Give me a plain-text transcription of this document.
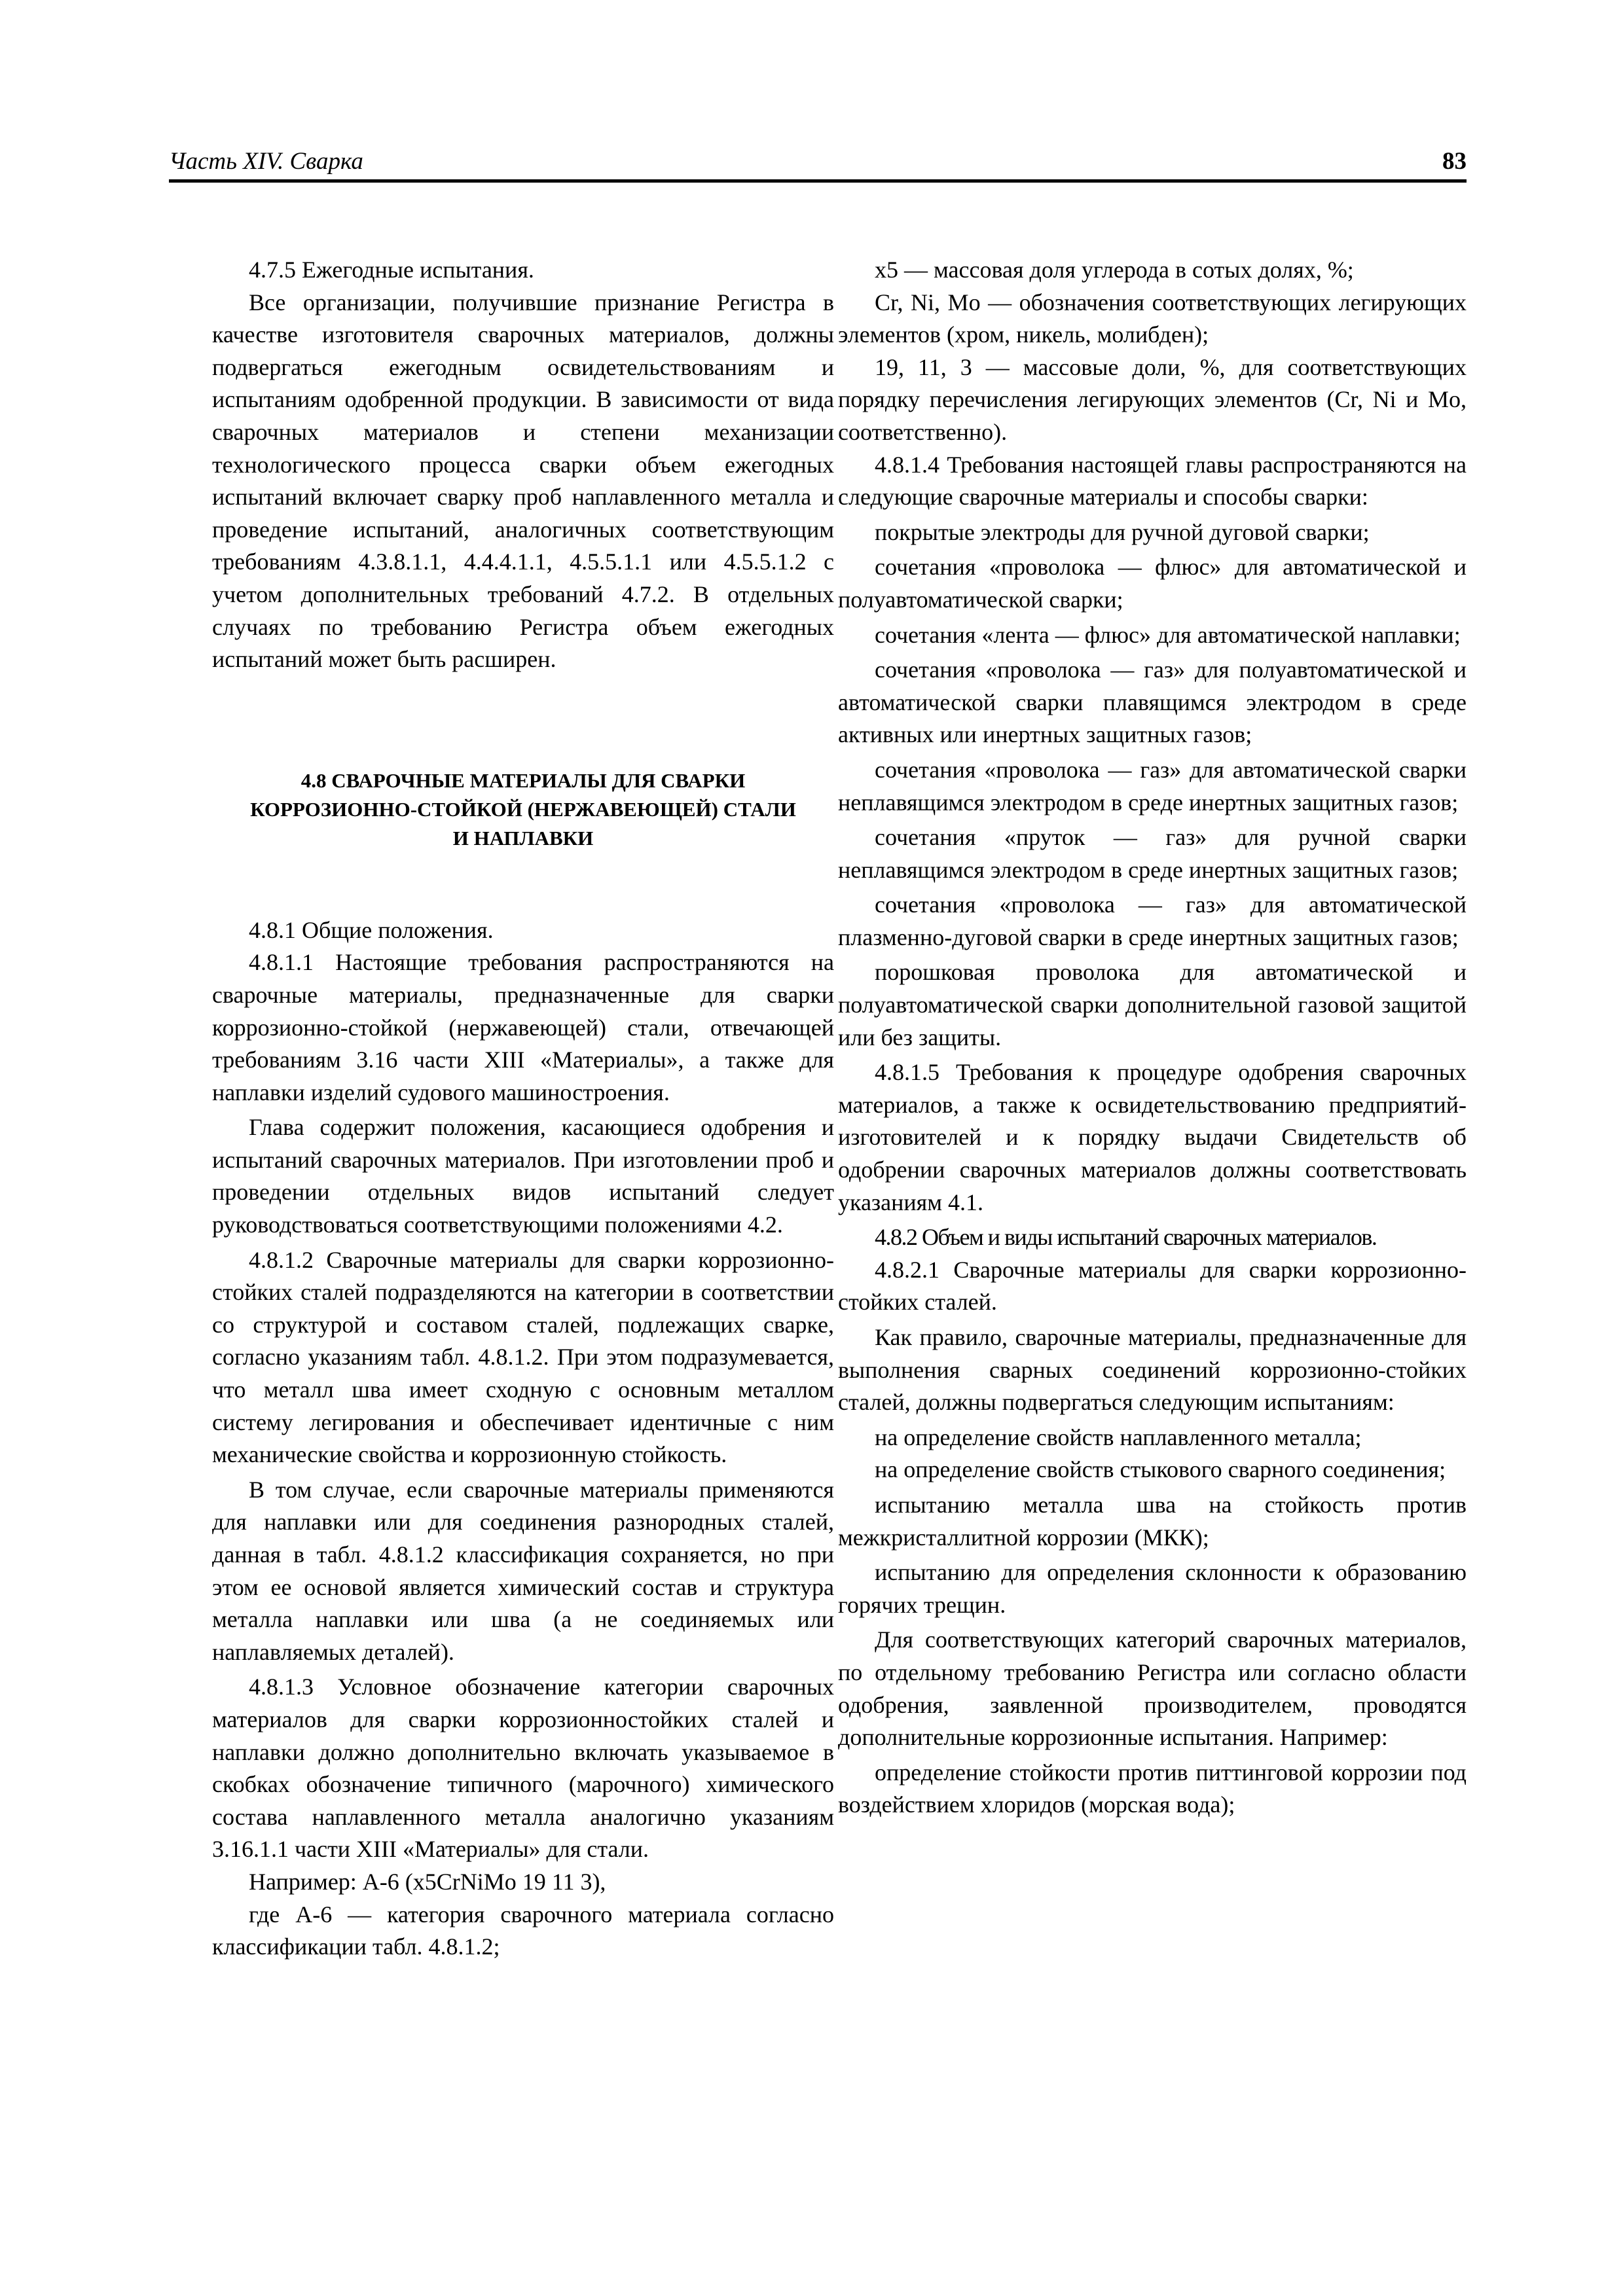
Часть XIV. Сварка	83

4.7.5 Ежегодные испытания.

Все организации, получившие признание Регистра в качестве изготовителя сварочных материалов, должны подвергаться ежегодным освидетельствованиям и испытаниям одобренной продукции. В зависимости от вида сварочных материалов и степени механизации технологического процесса сварки объем ежегодных испытаний включает сварку проб наплавленного металла и проведение испытаний, аналогичных соответствующим требованиям 4.3.8.1.1, 4.4.4.1.1, 4.5.5.1.1 или 4.5.5.1.2 с учетом дополнительных требований 4.7.2. В отдельных случаях по требованию Регистра объем ежегодных испытаний может быть расширен.

4.8 СВАРОЧНЫЕ МАТЕРИАЛЫ ДЛЯ СВАРКИ
КОРРОЗИОННО-СТОЙКОЙ (НЕРЖАВЕЮЩЕЙ) СТАЛИ
И НАПЛАВКИ

4.8.1 Общие положения.

4.8.1.1 Настоящие требования распространяются на сварочные материалы, предназначенные для сварки коррозионно-стойкой (нержавеющей) стали, отвечающей требованиям 3.16 части XIII «Материалы», а также для наплавки изделий судового машиностроения.

Глава содержит положения, касающиеся одобрения и испытаний сварочных материалов. При изготовлении проб и проведении отдельных видов испытаний следует руководствоваться соответствующими положениями 4.2.

4.8.1.2 Сварочные материалы для сварки коррозионно-стойких сталей подразделяются на категории в соответствии со структурой и составом сталей, подлежащих сварке, согласно указаниям табл. 4.8.1.2. При этом подразумевается, что металл шва имеет сходную с основным металлом систему легирования и обеспечивает идентичные с ним механические свойства и коррозионную стойкость.

В том случае, если сварочные материалы применяются для наплавки или для соединения разнородных сталей, данная в табл. 4.8.1.2 классификация сохраняется, но при этом ее основой является химический состав и структура металла наплавки или шва (а не соединяемых или наплавляемых деталей).

4.8.1.3 Условное обозначение категории сварочных материалов для сварки коррозионностойких сталей и наплавки должно дополнительно включать указываемое в скобках обозначение типичного (марочного) химического состава наплавленного металла аналогично указаниям 3.16.1.1 части XIII «Материалы» для стали.

Например: А-6 (x5CrNiMo 19 11 3),

где А-6 — категория сварочного материала согласно классификации табл. 4.8.1.2;

x5 — массовая доля углерода в сотых долях, %;

Cr, Ni, Mo — обозначения соответствующих легирующих элементов (хром, никель, молибден);

19, 11, 3 — массовые доли, %, для соответствующих порядку перечисления легирующих элементов (Cr, Ni и Mo, соответственно).

4.8.1.4 Требования настоящей главы распространяются на следующие сварочные материалы и способы сварки:

покрытые электроды для ручной дуговой сварки;

сочетания «проволока — флюс» для автоматической и полуавтоматической сварки;

сочетания «лента — флюс» для автоматической наплавки;

сочетания «проволока — газ» для полуавтоматической и автоматической сварки плавящимся электродом в среде активных или инертных защитных газов;

сочетания «проволока — газ» для автоматической сварки неплавящимся электродом в среде инертных защитных газов;

сочетания «пруток — газ» для ручной сварки неплавящимся электродом в среде инертных защитных газов;

сочетания «проволока — газ» для автоматической плазменно-дуговой сварки в среде инертных защитных газов;

порошковая проволока для автоматической и полуавтоматической сварки дополнительной газовой защитой или без защиты.

4.8.1.5 Требования к процедуре одобрения сварочных материалов, а также к освидетельствованию предприятий-изготовителей и к порядку выдачи Свидетельств об одобрении сварочных материалов должны соответствовать указаниям 4.1.

4.8.2 Объем и виды испытаний сварочных материалов.

4.8.2.1 Сварочные материалы для сварки коррозионно-стойких сталей.

Как правило, сварочные материалы, предназначенные для выполнения сварных соединений коррозионно-стойких сталей, должны подвергаться следующим испытаниям:

на определение свойств наплавленного металла;

на определение свойств стыкового сварного соединения;

испытанию металла шва на стойкость против межкристаллитной коррозии (МКК);

испытанию для определения склонности к образованию горячих трещин.

Для соответствующих категорий сварочных материалов, по отдельному требованию Регистра или согласно области одобрения, заявленной производителем, проводятся дополнительные коррозионные испытания. Например:

определение стойкости против питтинговой коррозии под воздействием хлоридов (морская вода);
